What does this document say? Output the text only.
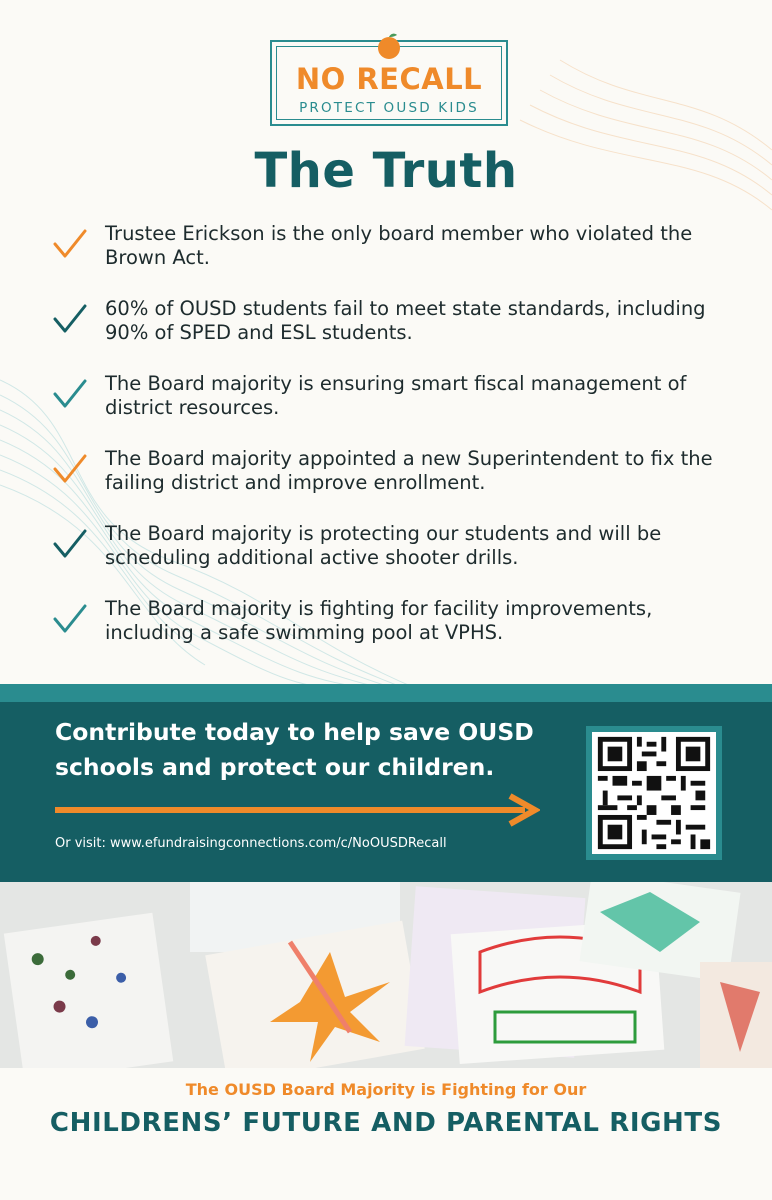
NO RECALL
PROTECT OUSD KIDS
The Truth
Trustee Erickson is the only board member who violated the Brown Act.
60% of OUSD students fail to meet state standards, including 90% of SPED and ESL students.
The Board majority is ensuring smart fiscal management of district resources.
The Board majority appointed a new Superintendent to fix the failing district and improve enrollment.
The Board majority is protecting our students and will be scheduling additional active shooter drills.
The Board majority is fighting for facility improvements, including a safe swimming pool at VPHS.
Contribute today to help save OUSD
schools and protect our children.
Or visit: www.efundraisingconnections.com/c/NoOUSDRecall
The OUSD Board Majority is Fighting for Our
CHILDRENS’ FUTURE AND PARENTAL RIGHTS
